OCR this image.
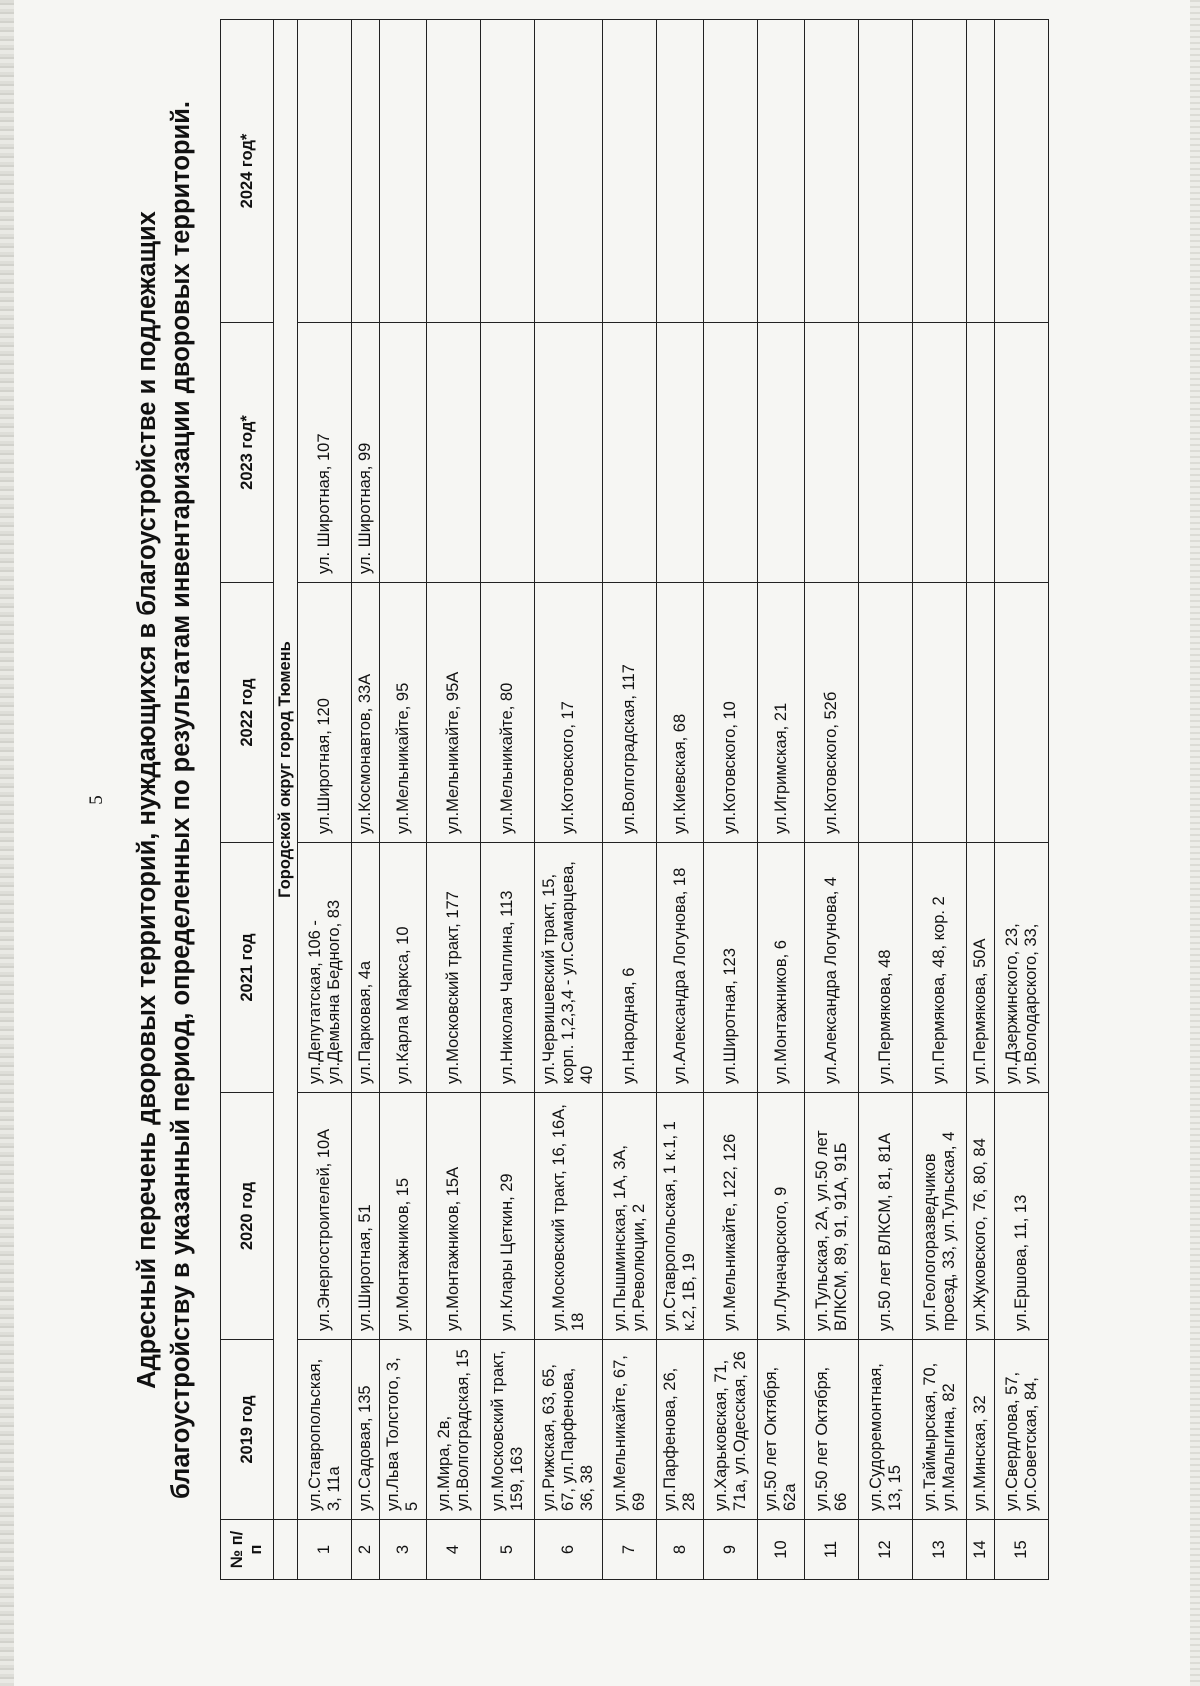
5 Адресный перечень дворовых территорий, нуждающихся в благоустройстве и подлежащих благоустройству в указанный период, определенных по результатам инвентаризации дворовых территорий.
№ п/п	2019 год	2020 год	2021 год	2022 год	2023 год*	2024 год*
	Городской округ город Тюмень					
1	ул.Ставропольская, 3, 11а	ул.Энергостроителей, 10А	ул.Депутатская, 106 - ул.Демьяна Бедного, 83	ул.Широтная, 120	ул. Широтная, 107	
2	ул.Садовая, 135	ул.Широтная, 51	ул.Парковая, 4а	ул.Космонавтов, 33А	ул. Широтная, 99	
3	ул.Льва Толстого, 3, 5	ул.Монтажников, 15	ул.Карла Маркса, 10	ул.Мельникайте, 95		
4	ул.Мира, 2в, ул.Волгоградская, 15	ул.Монтажников, 15А	ул.Московский тракт, 177	ул.Мельникайте, 95А		
5	ул.Московский тракт, 159, 163	ул.Клары Цеткин, 29	ул.Николая Чаплина, 113	ул.Мельникайте, 80		
6	ул.Рижская, 63, 65, 67, ул.Парфенова, 36, 38	ул.Московский тракт, 16, 16А, 18	ул.Червишевский тракт, 15, корп. 1,2,3,4 - ул.Самарцева, 40	ул.Котовского, 17		
7	ул.Мельникайте, 67, 69	ул.Пышминская, 1А, 3А, ул.Революции, 2	ул.Народная, 6	ул.Волгоградская, 117		
8	ул.Парфенова, 26, 28	ул.Ставропольская, 1 к.1, 1 к.2, 1В, 19	ул.Александра Логунова, 18	ул.Киевская, 68		
9	ул.Харьковская, 71, 71а, ул.Одесская, 26	ул.Мельникайте, 122, 126	ул.Широтная, 123	ул.Котовского, 10		
10	ул.50 лет Октября, 62а	ул.Луначарского, 9	ул.Монтажников, 6	ул.Игримская, 21		
11	ул.50 лет Октября, 66	ул.Тульская, 2А, ул.50 лет ВЛКСМ, 89, 91, 91А, 91Б	ул.Александра Логунова, 4	ул.Котовского, 52б		
12	ул.Судоремонтная, 13, 15	ул.50 лет ВЛКСМ, 81, 81А	ул.Пермякова, 48			
13	ул.Таймырская, 70, ул.Малыгина, 82	ул.Геологоразведчиков проезд, 33, ул.Тульская, 4	ул.Пермякова, 48, кор. 2			
14	ул.Минская, 32	ул.Жуковского, 76, 80, 84	ул.Пермякова, 50А			
15	ул.Свердлова, 57, ул.Советская, 84,	ул.Ершова, 11, 13	ул.Дзержинского, 23, ул.Володарского, 33,			
